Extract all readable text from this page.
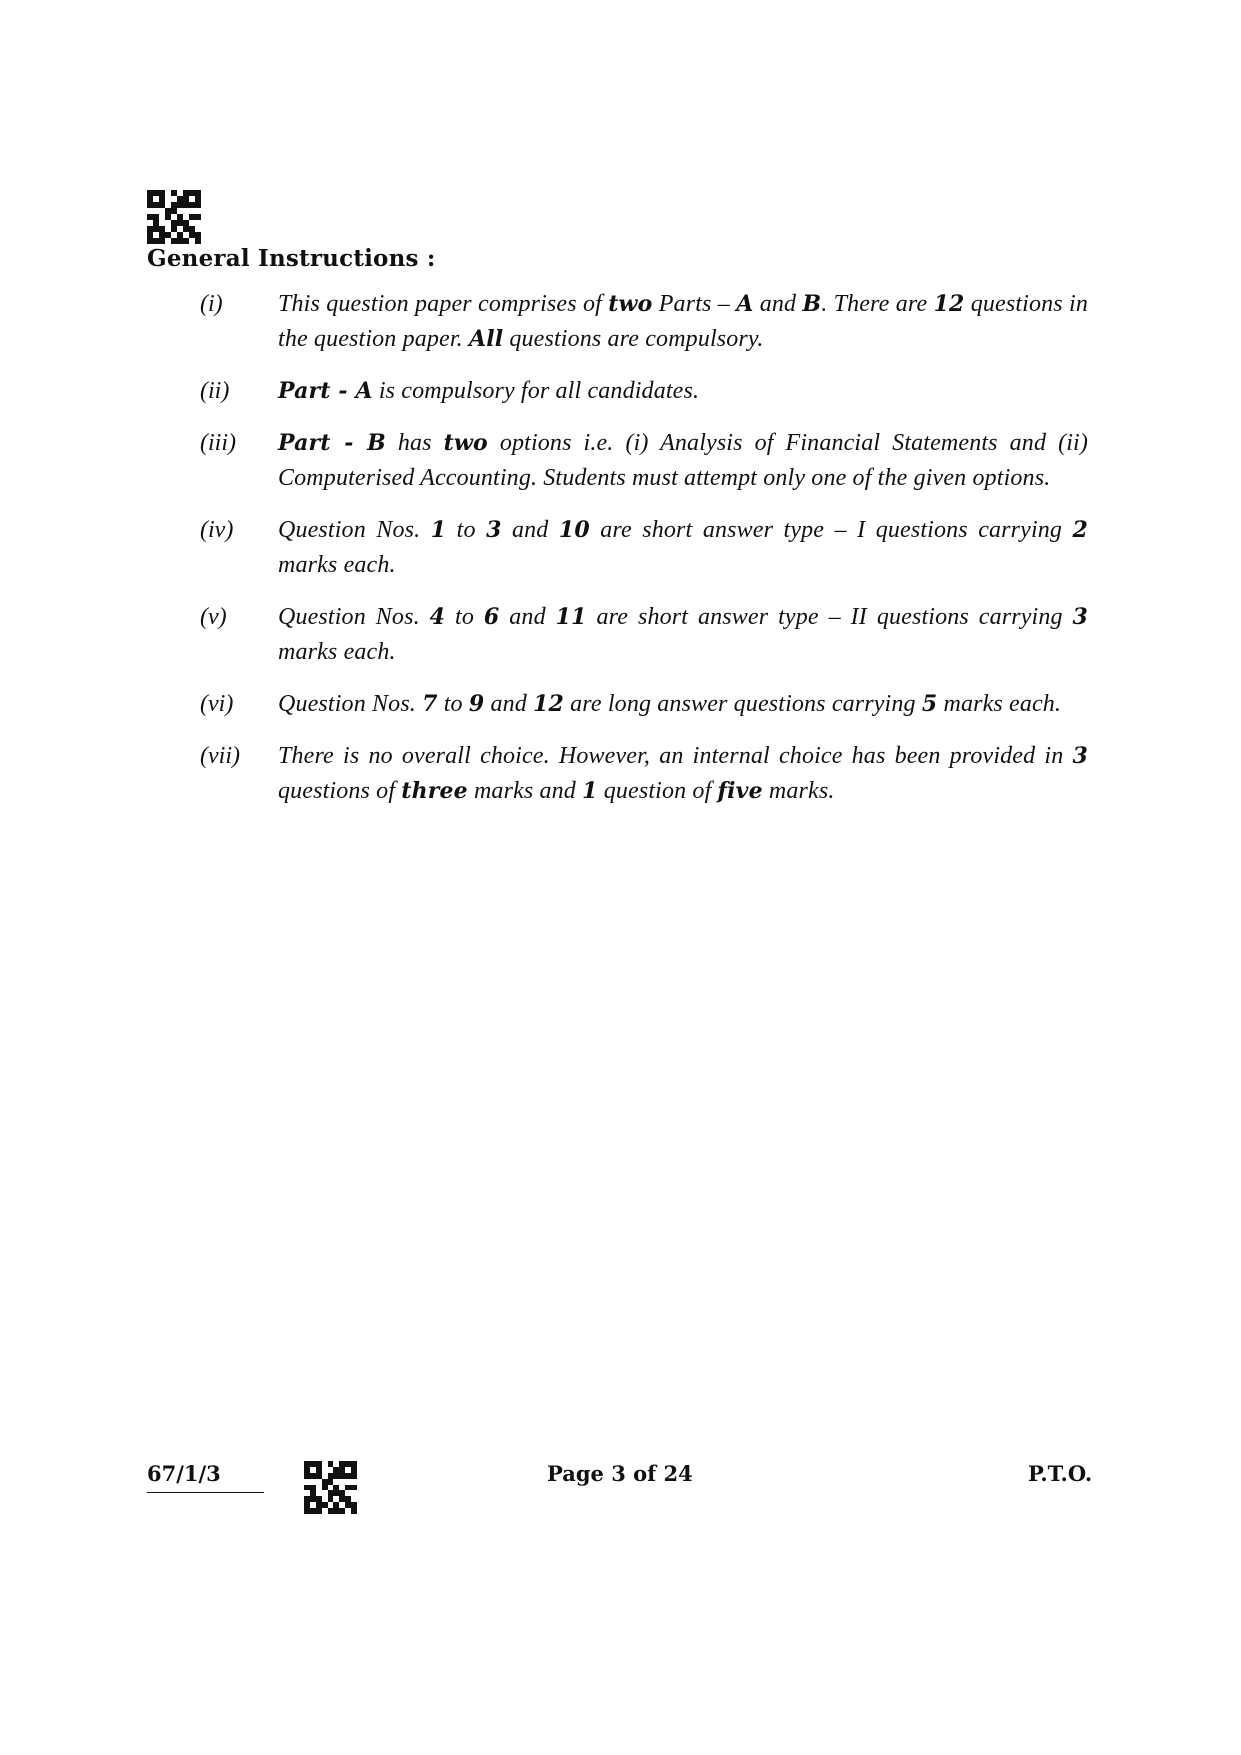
General Instructions :
(i)	This question paper comprises of two Parts – A and B. There are 12 questions in the question paper. All questions are compulsory.
(ii)	Part - A is compulsory for all candidates.
(iii)	Part - B has two options i.e. (i) Analysis of Financial Statements and (ii) Computerised Accounting. Students must attempt only one of the given options.
(iv)	Question Nos. 1 to 3 and 10 are short answer type – I questions carrying 2 marks each.
(v)	Question Nos. 4 to 6 and 11 are short answer type – II questions carrying 3 marks each.
(vi)	Question Nos. 7 to 9 and 12 are long answer questions carrying 5 marks each.
(vii)	There is no overall choice. However, an internal choice has been provided in 3 questions of three marks and 1 question of five marks.
67/1/3	Page 3 of 24	P.T.O.
